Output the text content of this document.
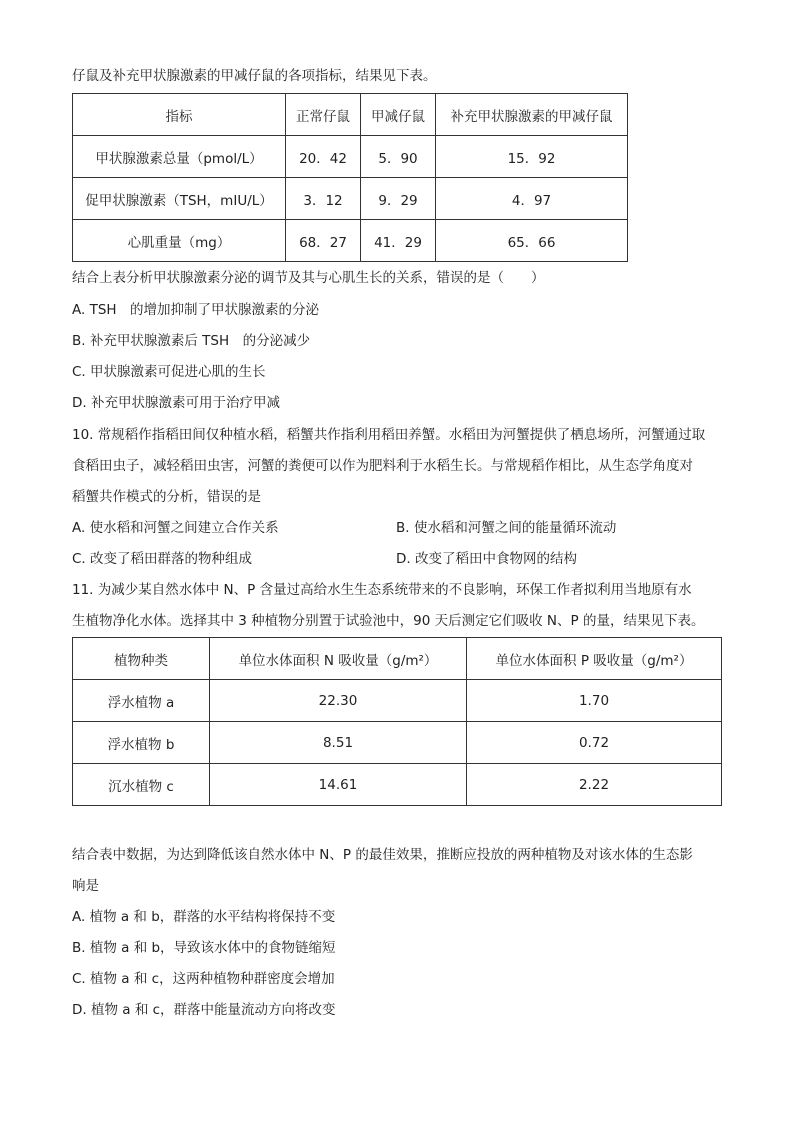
仔鼠及补充甲状腺激素的甲减仔鼠的各项指标，结果见下表。
指标	正常仔鼠	甲减仔鼠	补充甲状腺激素的甲减仔鼠
甲状腺激素总量（pmol/L）	20．42	5．90	15．92
促甲状腺激素（TSH，mIU/L）	3．12	9．29	4．97
心肌重量（mg）	68．27	41．29	65．66
结合上表分析甲状腺激素分泌的调节及其与心肌生长的关系，错误的是（　　）
A. TSH　的增加抑制了甲状腺激素的分泌
B. 补充甲状腺激素后 TSH　的分泌减少
C. 甲状腺激素可促进心肌的生长
D. 补充甲状腺激素可用于治疗甲减
10. 常规稻作指稻田间仅种植水稻，稻蟹共作指利用稻田养蟹。水稻田为河蟹提供了栖息场所，河蟹通过取
食稻田虫子，减轻稻田虫害，河蟹的粪便可以作为肥料利于水稻生长。与常规稻作相比，从生态学角度对
稻蟹共作模式的分析，错误的是
A. 使水稻和河蟹之间建立合作关系	B. 使水稻和河蟹之间的能量循环流动
C. 改变了稻田群落的物种组成	D. 改变了稻田中食物网的结构
11. 为减少某自然水体中 N、P 含量过高给水生生态系统带来的不良影响，环保工作者拟利用当地原有水
生植物净化水体。选择其中 3 种植物分别置于试验池中，90 天后测定它们吸收 N、P 的量，结果见下表。
植物种类	单位水体面积 N 吸收量（g/m²）	单位水体面积 P 吸收量（g/m²）
浮水植物 a	22.30	1.70
浮水植物 b	8.51	0.72
沉水植物 c	14.61	2.22
结合表中数据，为达到降低该自然水体中 N、P 的最佳效果，推断应投放的两种植物及对该水体的生态影
响是
A. 植物 a 和 b，群落的水平结构将保持不变
B. 植物 a 和 b，导致该水体中的食物链缩短
C. 植物 a 和 c，这两种植物种群密度会增加
D. 植物 a 和 c，群落中能量流动方向将改变
